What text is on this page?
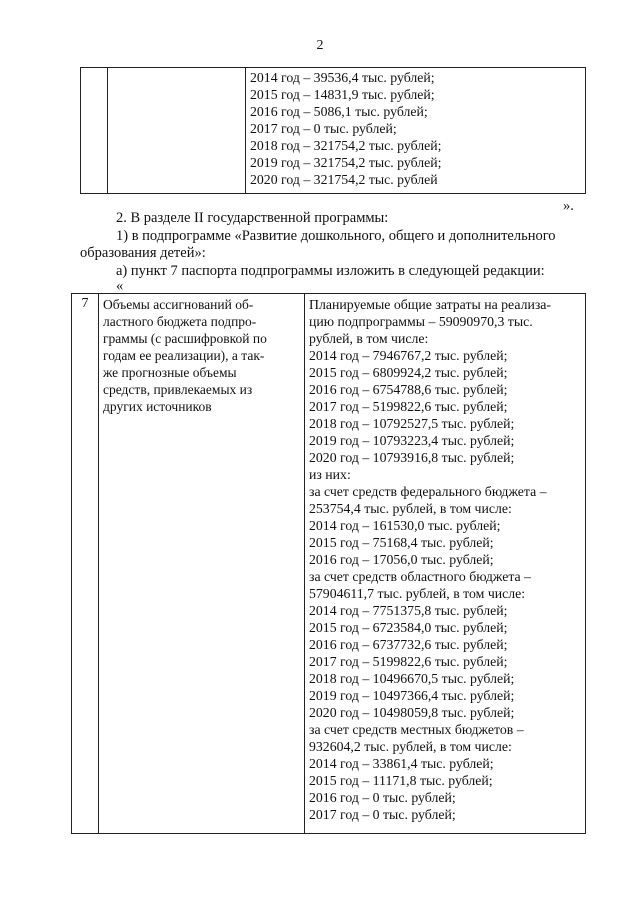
2

2014 год – 39536,4 тыс. рублей;
2015 год – 14831,9 тыс. рублей;
2016 год – 5086,1 тыс. рублей;
2017 год – 0 тыс. рублей;
2018 год – 321754,2 тыс. рублей;
2019 год – 321754,2 тыс. рублей;
2020 год – 321754,2 тыс. рублей
».
2. В разделе II государственной программы:
1) в подпрограмме «Развитие дошкольного, общего и дополнительного
образования детей»:
а) пункт 7 паспорта подпрограммы изложить в следующей редакции:
«
7	Объемы ассигнований об-
ластного бюджета подпро-
граммы (с расшифровкой по
годам ее реализации), а так-
же прогнозные объемы
средств, привлекаемых из
других источников

Планируемые общие затраты на реализа-
цию подпрограммы – 59090970,3 тыс.
рублей, в том числе:
2014 год – 7946767,2 тыс. рублей;
2015 год – 6809924,2 тыс. рублей;
2016 год – 6754788,6 тыс. рублей;
2017 год – 5199822,6 тыс. рублей;
2018 год – 10792527,5 тыс. рублей;
2019 год – 10793223,4 тыс. рублей;
2020 год – 10793916,8 тыс. рублей;
из них:
за счет средств федерального бюджета –
253754,4 тыс. рублей, в том числе:
2014 год – 161530,0 тыс. рублей;
2015 год – 75168,4 тыс. рублей;
2016 год – 17056,0 тыс. рублей;
за счет средств областного бюджета –
57904611,7 тыс. рублей, в том числе:
2014 год – 7751375,8 тыс. рублей;
2015 год – 6723584,0 тыс. рублей;
2016 год – 6737732,6 тыс. рублей;
2017 год – 5199822,6 тыс. рублей;
2018 год – 10496670,5 тыс. рублей;
2019 год – 10497366,4 тыс. рублей;
2020 год – 10498059,8 тыс. рублей;
за счет средств местных бюджетов –
932604,2 тыс. рублей, в том числе:
2014 год – 33861,4 тыс. рублей;
2015 год – 11171,8 тыс. рублей;
2016 год – 0 тыс. рублей;
2017 год – 0 тыс. рублей;
